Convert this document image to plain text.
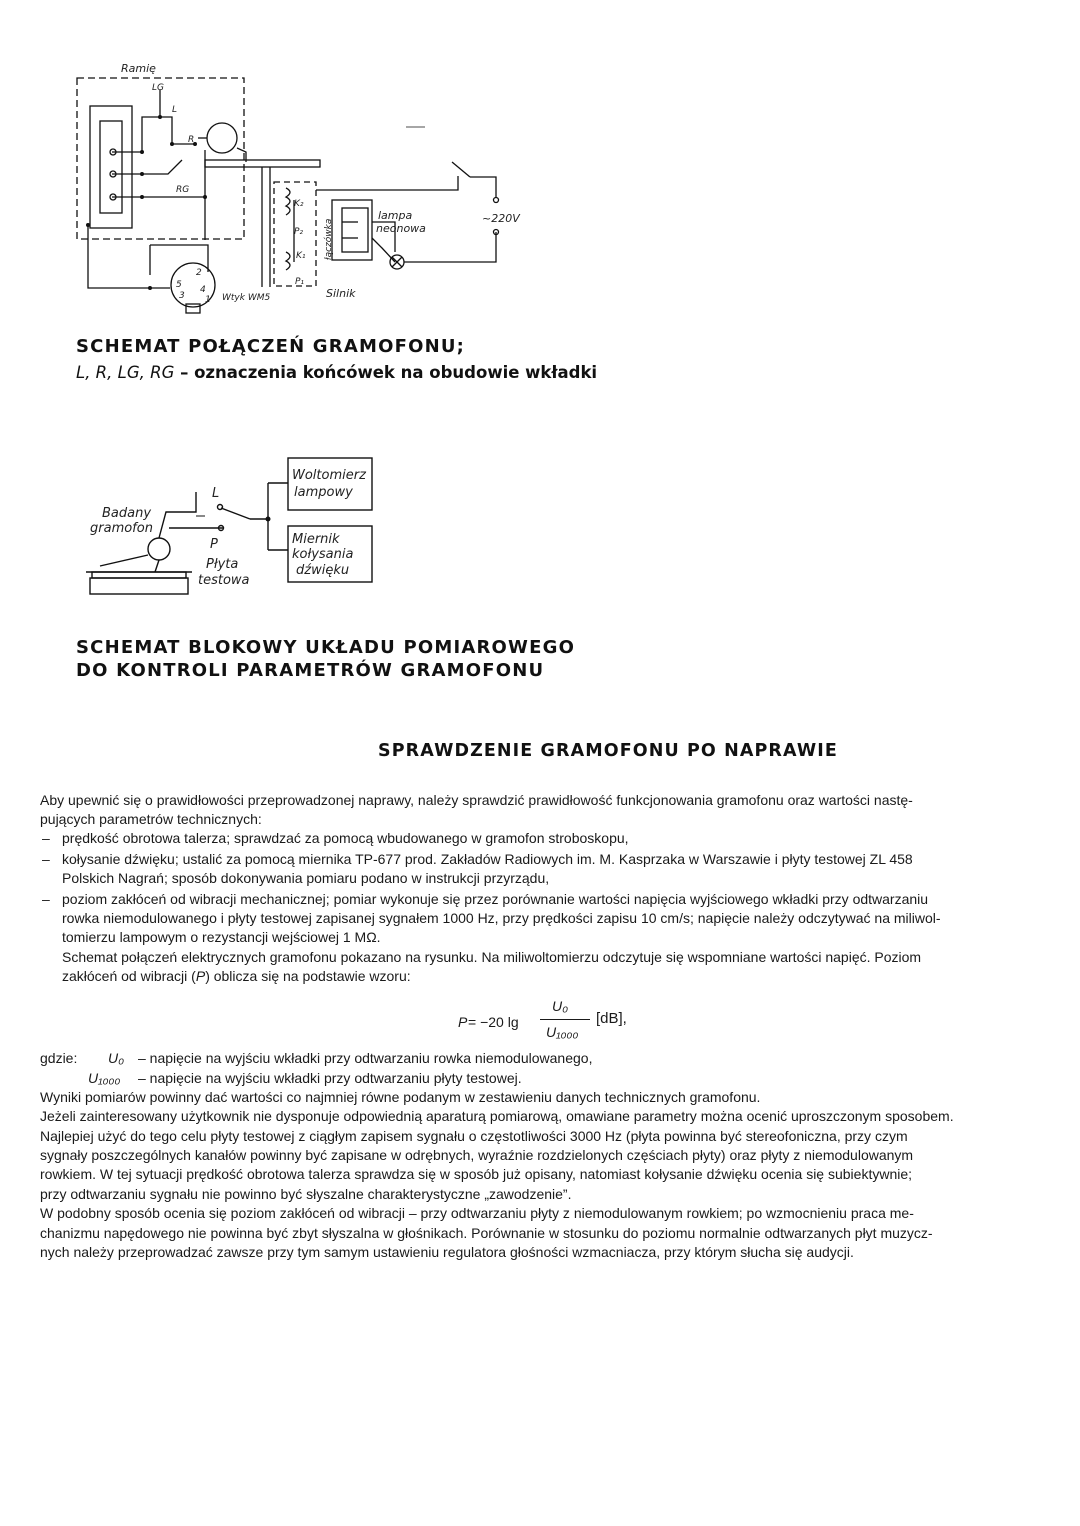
Ramię
LG
L
R
RG
K₂
P₂
K₁
P₁
łączówka
lampa
neonowa
~220V
Wtyk WM5	Silnik
2
4
5
3 1
SCHEMAT POŁĄCZEŃ GRAMOFONU;
L, R, LG, RG – oznaczenia końcówek na obudowie wkładki
Badany
gramofon
L
P
Płyta
testowa
Woltomierz
lampowy
Miernik
kołysania
dźwięku
SCHEMAT BLOKOWY UKŁADU POMIAROWEGO
DO KONTROLI PARAMETRÓW GRAMOFONU
SPRAWDZENIE GRAMOFONU PO NAPRAWIE
Aby upewnić się o prawidłowości przeprowadzonej naprawy, należy sprawdzić prawidłowość funkcjonowania gramofonu oraz wartości nastę-
pujących parametrów technicznych:
– prędkość obrotowa talerza; sprawdzać za pomocą wbudowanego w gramofon stroboskopu,
– kołysanie dźwięku; ustalić za pomocą miernika TP-677 prod. Zakładów Radiowych im. M. Kasprzaka w Warszawie i płyty testowej ZL 458
Polskich Nagrań; sposób dokonywania pomiaru podano w instrukcji przyrządu,
– poziom zakłóceń od wibracji mechanicznej; pomiar wykonuje się przez porównanie wartości napięcia wyjściowego wkładki przy odtwarzaniu
rowka niemodulowanego i płyty testowej zapisanej sygnałem 1000 Hz, przy prędkości zapisu 10 cm/s; napięcie należy odczytywać na miliwol-
tomierzu lampowym o rezystancji wejściowej 1 MΩ.
Schemat połączeń elektrycznych gramofonu pokazano na rysunku. Na miliwoltomierzu odczytuje się wspomniane wartości napięć. Poziom
zakłóceń od wibracji (P) oblicza się na podstawie wzoru:
P = −20 lg
U₀
U₁₀₀₀
[dB],
gdzie: U₀ – napięcie na wyjściu wkładki przy odtwarzaniu rowka niemodulowanego,
U₁₀₀₀ – napięcie na wyjściu wkładki przy odtwarzaniu płyty testowej.
Wyniki pomiarów powinny dać wartości co najmniej równe podanym w zestawieniu danych technicznych gramofonu.
Jeżeli zainteresowany użytkownik nie dysponuje odpowiednią aparaturą pomiarową, omawiane parametry można ocenić uproszczonym sposobem.
Najlepiej użyć do tego celu płyty testowej z ciągłym zapisem sygnału o częstotliwości 3000 Hz (płyta powinna być stereofoniczna, przy czym
sygnały poszczególnych kanałów powinny być zapisane w odrębnych, wyraźnie rozdzielonych częściach płyty) oraz płyty z niemodulowanym
rowkiem. W tej sytuacji prędkość obrotowa talerza sprawdza się w sposób już opisany, natomiast kołysanie dźwięku ocenia się subiektywnie;
przy odtwarzaniu sygnału nie powinno być słyszalne charakterystyczne „zawodzenie”.
W podobny sposób ocenia się poziom zakłóceń od wibracji – przy odtwarzaniu płyty z niemodulowanym rowkiem; po wzmocnieniu praca me-
chanizmu napędowego nie powinna być zbyt słyszalna w głośnikach. Porównanie w stosunku do poziomu normalnie odtwarzanych płyt muzycz-
nych należy przeprowadzać zawsze przy tym samym ustawieniu regulatora głośności wzmacniacza, przy którym słucha się audycji.
